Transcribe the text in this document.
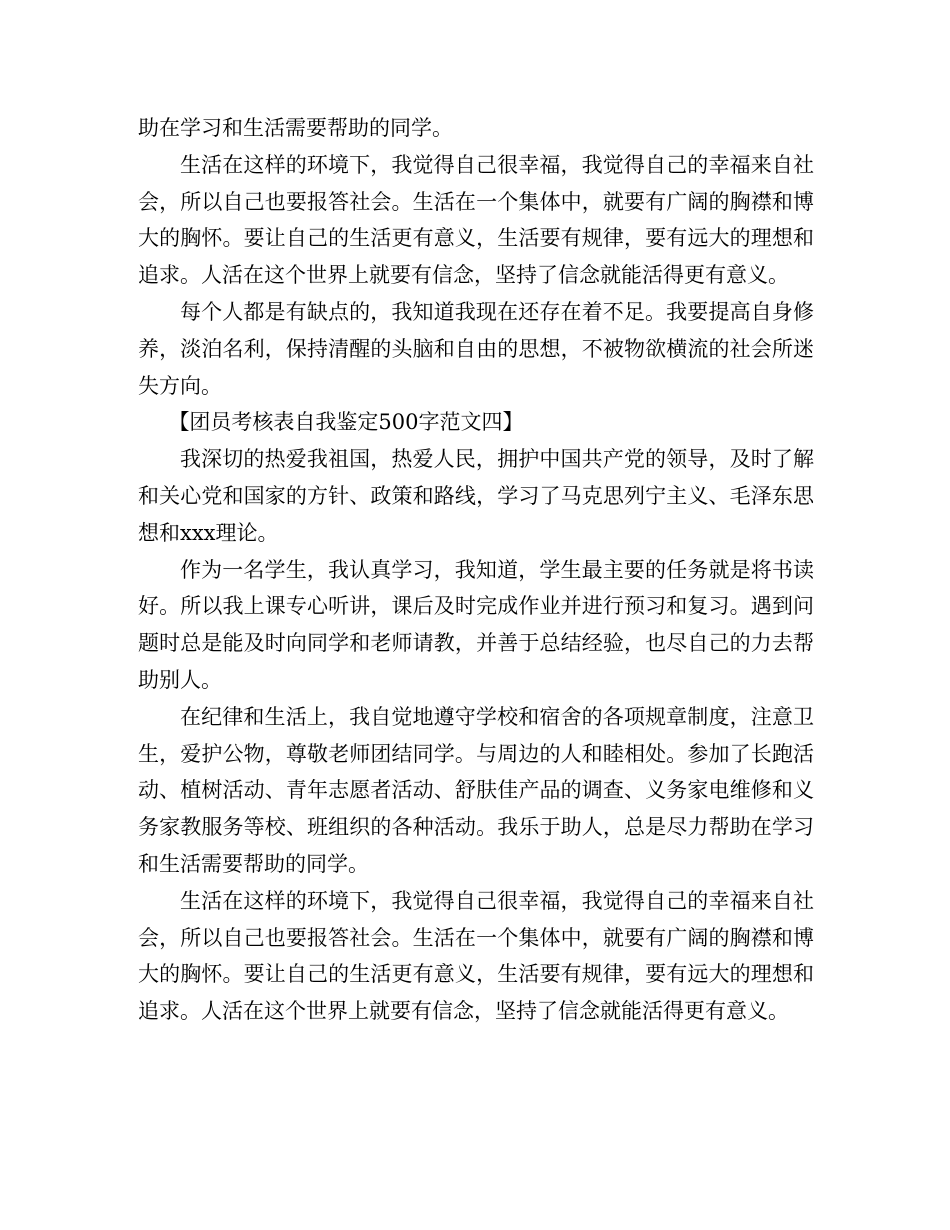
助在学习和生活需要帮助的同学。

生活在这样的环境下，我觉得自己很幸福，我觉得自己的幸福来自社会，所以自己也要报答社会。生活在一个集体中，就要有广阔的胸襟和博大的胸怀。要让自己的生活更有意义，生活要有规律，要有远大的理想和追求。人活在这个世界上就要有信念，坚持了信念就能活得更有意义。

每个人都是有缺点的，我知道我现在还存在着不足。我要提高自身修养，淡泊名利，保持清醒的头脑和自由的思想，不被物欲横流的社会所迷失方向。

【团员考核表自我鉴定500字范文四】

我深切的热爱我祖国，热爱人民，拥护中国共产党的领导，及时了解和关心党和国家的方针、政策和路线，学习了马克思列宁主义、毛泽东思想和xxx理论。

作为一名学生，我认真学习，我知道，学生最主要的任务就是将书读好。所以我上课专心听讲，课后及时完成作业并进行预习和复习。遇到问题时总是能及时向同学和老师请教，并善于总结经验，也尽自己的力去帮助别人。

在纪律和生活上，我自觉地遵守学校和宿舍的各项规章制度，注意卫生，爱护公物，尊敬老师团结同学。与周边的人和睦相处。参加了长跑活动、植树活动、青年志愿者活动、舒肤佳产品的调查、义务家电维修和义务家教服务等校、班组织的各种活动。我乐于助人，总是尽力帮助在学习和生活需要帮助的同学。

生活在这样的环境下，我觉得自己很幸福，我觉得自己的幸福来自社会，所以自己也要报答社会。生活在一个集体中，就要有广阔的胸襟和博大的胸怀。要让自己的生活更有意义，生活要有规律，要有远大的理想和追求。人活在这个世界上就要有信念，坚持了信念就能活得更有意义。
